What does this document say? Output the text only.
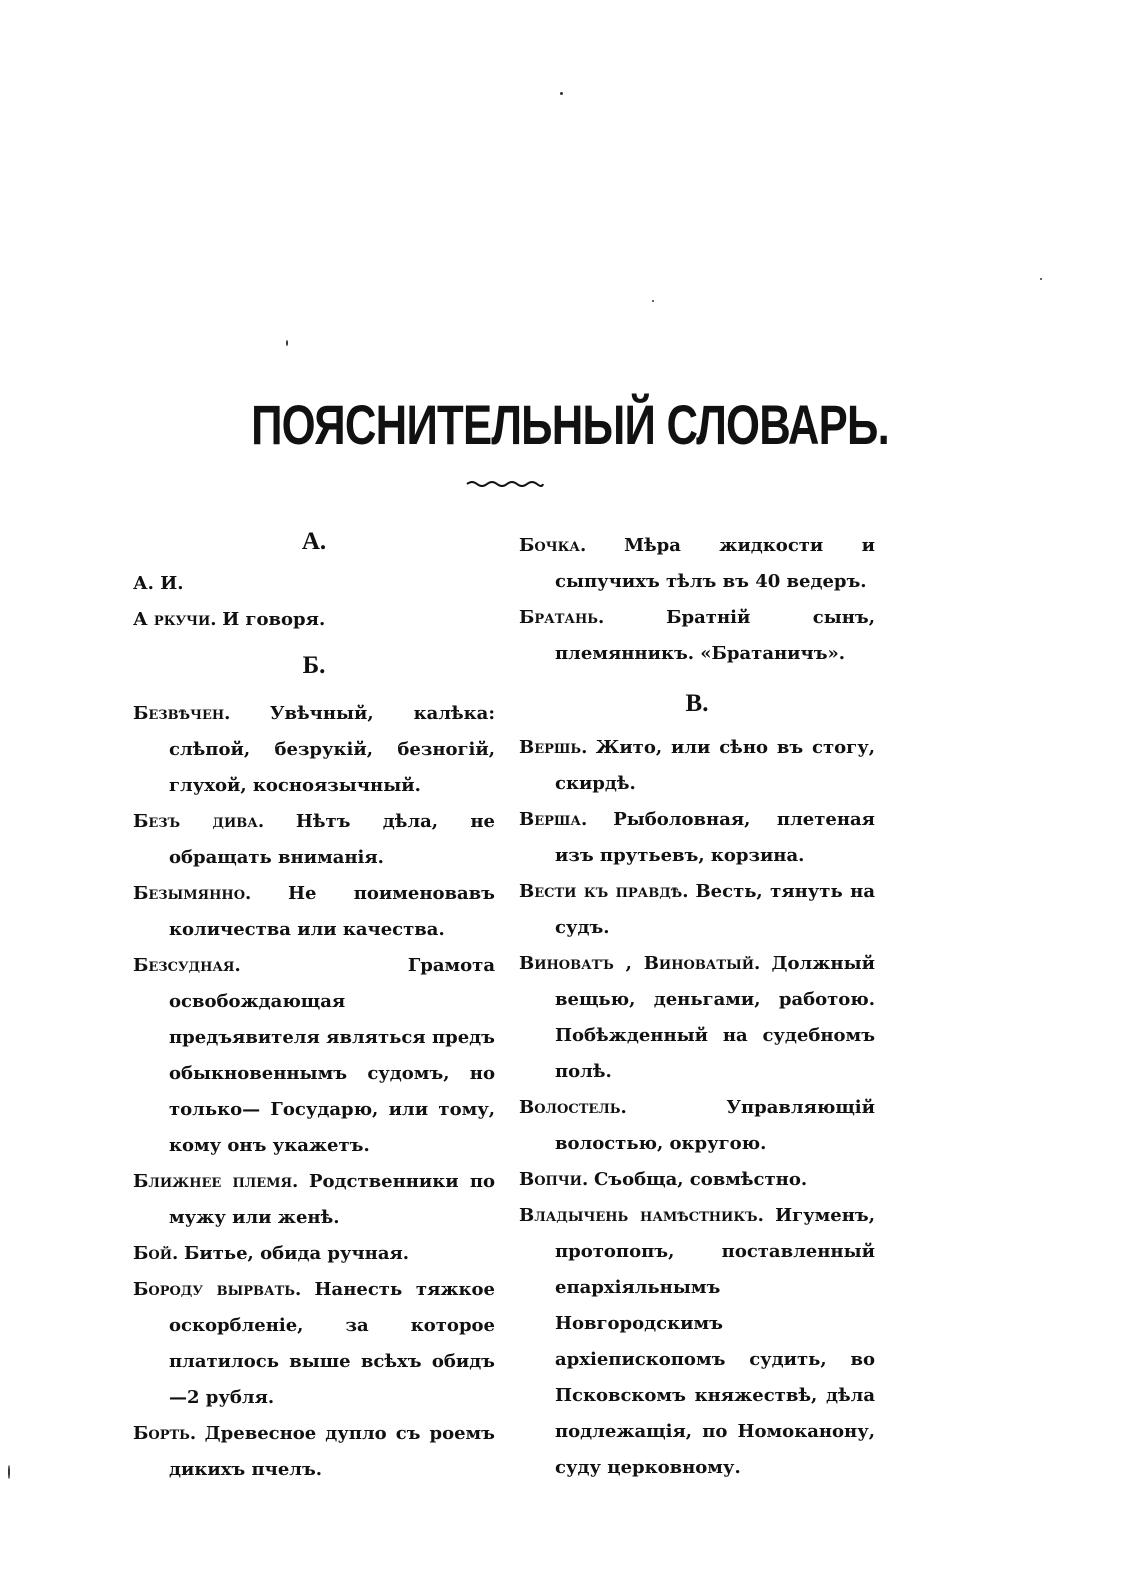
ПОЯСНИТЕЛЬНЫЙ СЛОВАРЬ.
А.

А. И.

А ркучи. И говоря.

Б.

Безвѣчен. Увѣчный, калѣка: слѣпой, безрукій, безногій, глухой, косноязычный.

Безъ дива. Нѣтъ дѣла, не обращать вниманія.

Безымянно. Не поименовавъ количества или качества.

Безсудная.	Грамота освобождающая предъявителя являться предъ обыкновеннымъ судомъ, но только— Государю, или тому, кому онъ укажетъ.

Ближнее племя. Родственники по мужу или женѣ.

Бой. Битье, обида ручная.

Бороду вырвать. Нанесть тяжкое оскорбленіе, за которое платилось выше всѣхъ обидъ—2 рубля.

Борть. Древесное дупло съ роемъ дикихъ пчелъ.

Бочка. Мѣра жидкости и сыпучихъ тѣлъ въ 40 ведеръ.

Братань.	Братній сынъ, племянникъ. «Братаничъ».

В.

Вершь. Жито, или сѣно въ стогу, скирдѣ.

Верша. Рыболовная, плетеная изъ прутьевъ, корзина.

Вести къ правдѣ. Весть, тянуть на судъ.

Виноватъ , Виноватый. Должный вещью, деньгами, работою. Побѣжденный на судебномъ полѣ.

Волостель.	Управляющій волостью, округою.

Вопчи. Съобща, совмѣстно.

Владычень намѣстникъ. Игуменъ, протопопъ, поставленный епархіяльнымъ Новгородскимъ архіепископомъ судить, во Псковскомъ княжествѣ, дѣла подлежащія, по Номоканону, суду церковному.
